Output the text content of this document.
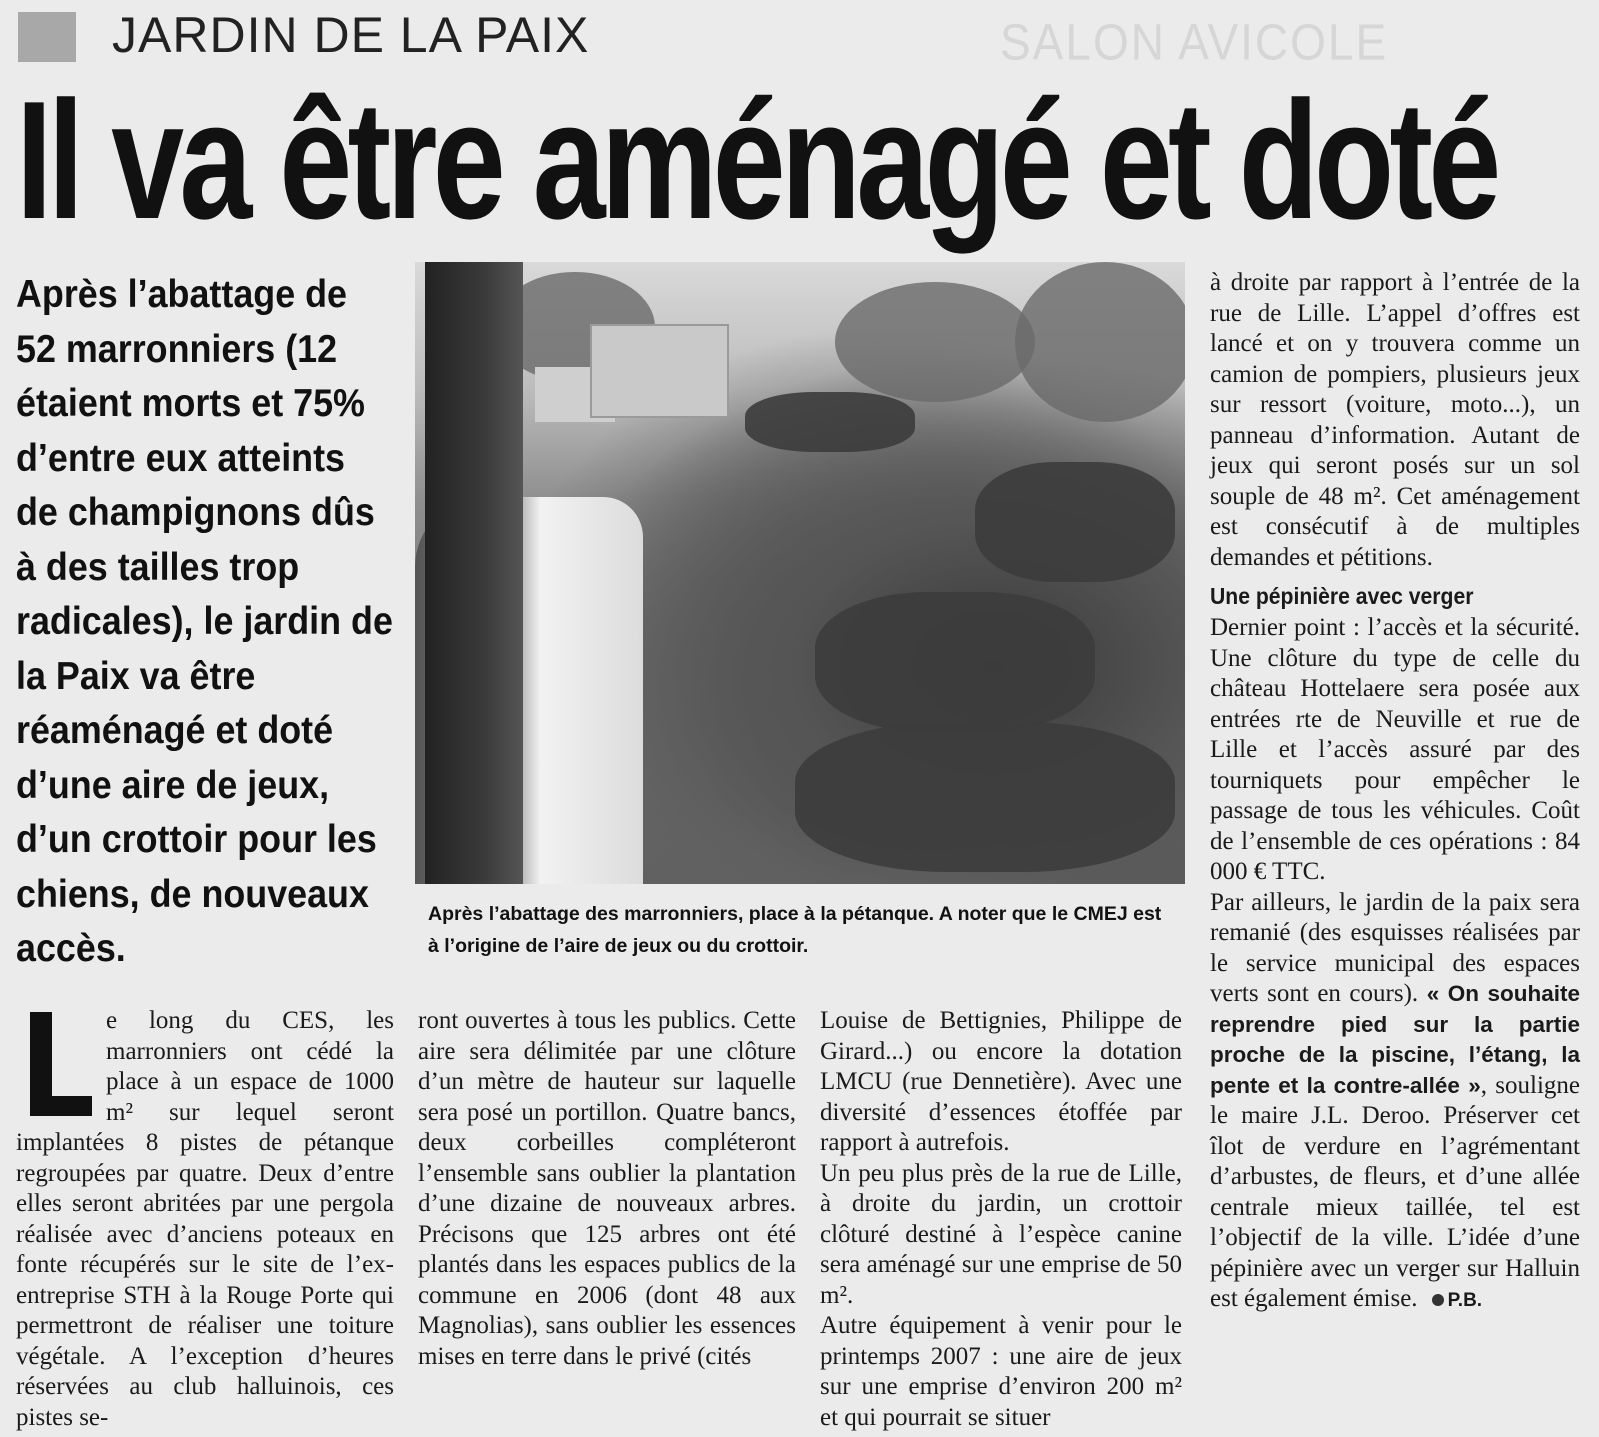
SALON AVICOLE
JARDIN DE LA PAIX
Il va être aménagé et doté
Après l’abattage de 52 marronniers (12 étaient morts et 75% d’entre eux atteints de champignons dûs à des tailles trop radicales), le jardin de la Paix va être réaménagé et doté d’une aire de jeux, d’un crottoir pour les chiens, de nouveaux accès.
Après l’abattage des marronniers, place à la pétanque. A noter que le CMEJ est à l’origine de l’aire de jeux ou du crottoir.

e long du CES, les marronniers ont cédé la place à un espace de 1000 m² sur lequel seront implantées 8 pistes de pétanque regroupées par quatre. Deux d’entre elles seront abritées par une pergola réalisée avec d’anciens poteaux en fonte récupérés sur le site de l’ex-entreprise STH à la Rouge Porte qui permettront de réaliser une toiture végétale. A l’exception d’heures réservées au club halluinois, ces pistes se-

ront ouvertes à tous les publics. Cette aire sera délimitée par une clôture d’un mètre de hauteur sur laquelle sera posé un portillon. Quatre bancs, deux corbeilles compléteront l’ensemble sans oublier la plantation d’une dizaine de nouveaux arbres. Précisons que 125 arbres ont été plantés dans les espaces publics de la commune en 2006 (dont 48 aux Magnolias), sans oublier les essences mises en terre dans le privé (cités

Louise de Bettignies, Philippe de Girard...) ou encore la dotation LMCU (rue Dennetière). Avec une diversité d’essences étoffée par rapport à autrefois.

Un peu plus près de la rue de Lille, à droite du jardin, un crottoir clôturé destiné à l’espèce canine sera aménagé sur une emprise de 50 m².

Autre équipement à venir pour le printemps 2007 : une aire de jeux sur une emprise d’environ 200 m² et qui pourrait se situer

à droite par rapport à l’entrée de la rue de Lille. L’appel d’offres est lancé et on y trouvera comme un camion de pompiers, plusieurs jeux sur ressort (voiture, moto...), un panneau d’information. Autant de jeux qui seront posés sur un sol souple de 48 m². Cet aménagement est consécutif à de multiples demandes et pétitions.

Une pépinière avec verger

Dernier point : l’accès et la sécurité. Une clôture du type de celle du château Hottelaere sera posée aux entrées rte de Neuville et rue de Lille et l’accès assuré par des tourniquets pour empêcher le passage de tous les véhicules. Coût de l’ensemble de ces opérations : 84 000 € TTC.

Par ailleurs, le jardin de la paix sera remanié (des esquisses réalisées par le service municipal des espaces verts sont en cours). « On souhaite reprendre pied sur la partie proche de la piscine, l’étang, la pente et la contre-allée », souligne le maire J.L. Deroo. Préserver cet îlot de verdure en l’agrémentant d’arbustes, de fleurs, et d’une allée centrale mieux taillée, tel est l’objectif de la ville. L’idée d’une pépinière avec un verger sur Halluin est également émise. P.B.
